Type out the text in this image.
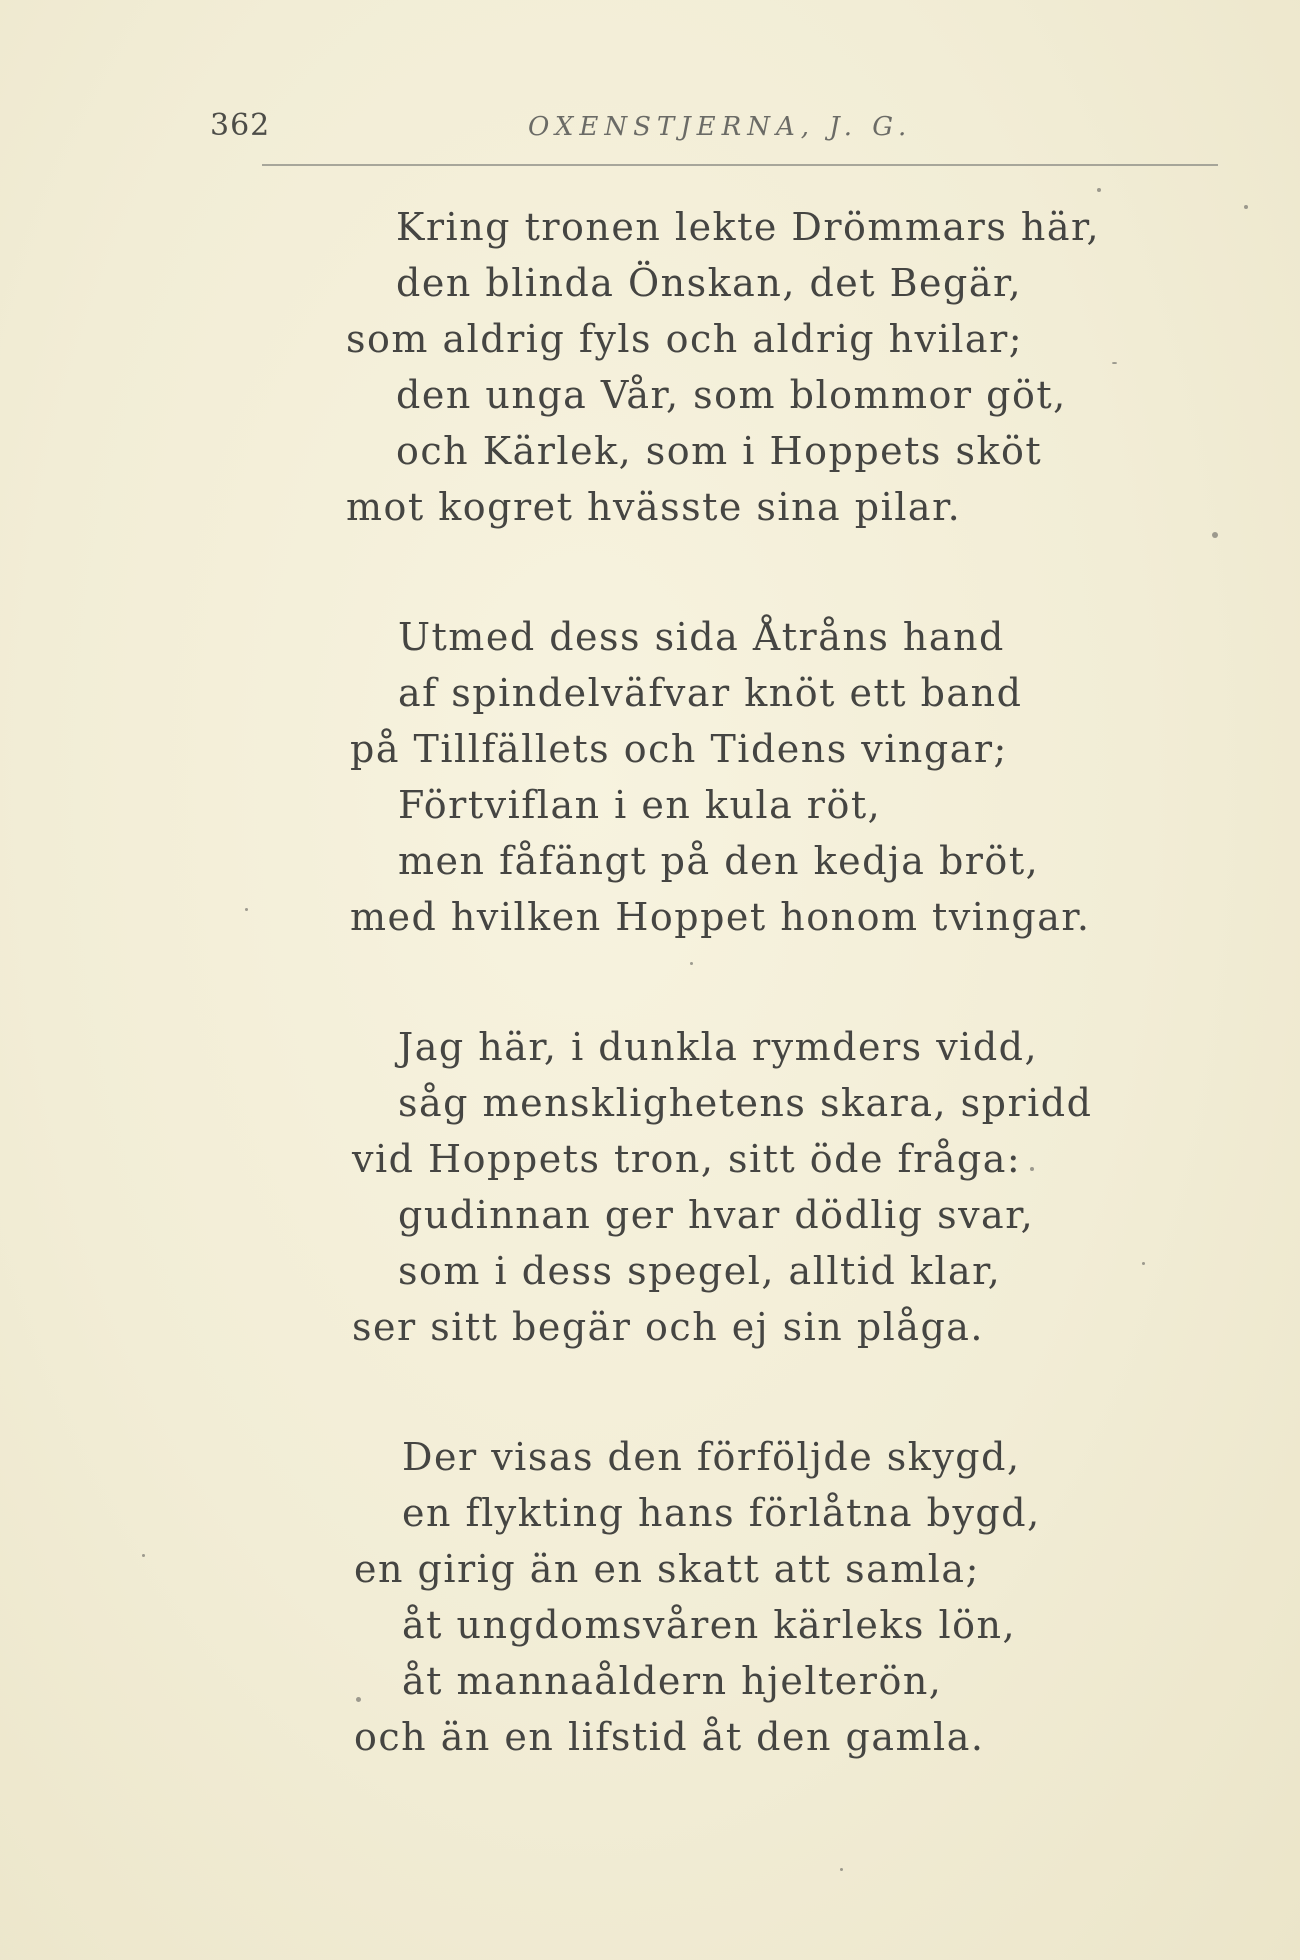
362	OXENSTJERNA, J. G.
Kring tronen lekte Drömmars här,
den blinda Önskan, det Begär,
som aldrig fyls och aldrig hvilar;
den unga Vår, som blommor göt,
och Kärlek, som i Hoppets sköt
mot kogret hvässte sina pilar.
Utmed dess sida Åtråns hand
af spindelväfvar knöt ett band
på Tillfällets och Tidens vingar;
Förtviflan i en kula röt,
men fåfängt på den kedja bröt,
med hvilken Hoppet honom tvingar.
Jag här, i dunkla rymders vidd,
såg mensklighetens skara, spridd
vid Hoppets tron, sitt öde fråga:
gudinnan ger hvar dödlig svar,
som i dess spegel, alltid klar,
ser sitt begär och ej sin plåga.
Der visas den förföljde skygd,
en flykting hans förlåtna bygd,
en girig än en skatt att samla;
åt ungdomsvåren kärleks lön,
åt mannaåldern hjelterön,
och än en lifstid åt den gamla.
